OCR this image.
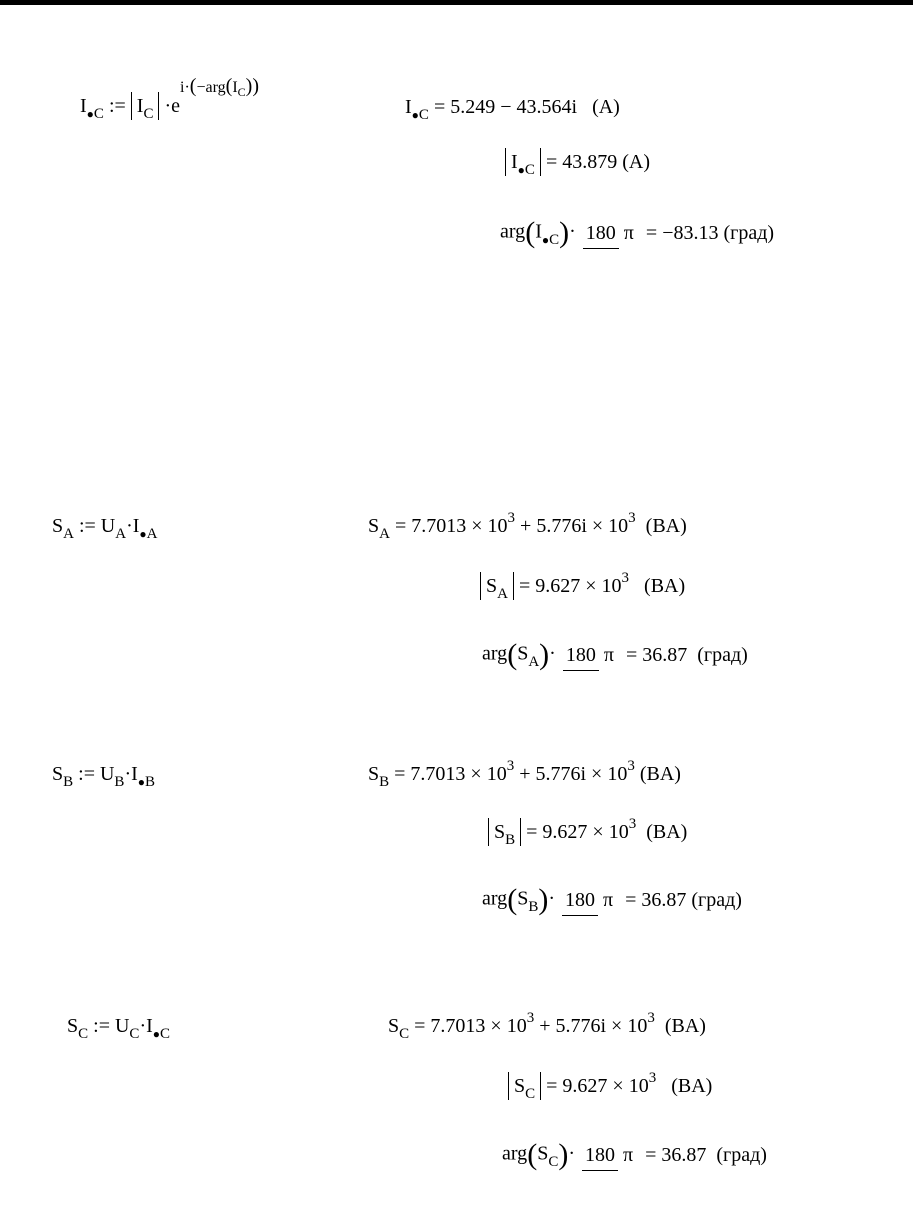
$I_{●C}$ := $I_C \cdot e^{i\cdot(-arg(I_C))}$
$I_{●C} = 5.249 - 43.564i$ (A)
$I_{●C} = 43.879$ (A)
$arg(I_{●C})\cdot 180$ π  = −83.13 (град)
$S_A$ := $U_A\cdot I_{●A}$	$S_A = 7.7013 \times 10^3 + 5.776i \times 10^3$ (BA)
$S_A = 9.627 \times 10^3$ (BA)
$arg(S_A)\cdot 180$ π  = 36.87 (град)
$S_B$ := $U_B\cdot I_{●B}$	$S_B = 7.7013 \times 10^3 + 5.776i \times 10^3$ (BA)
$S_B = 9.627 \times 10^3$ (BA)
$arg(S_B)\cdot 180$ π  = 36.87 (град)
$S_C$ := $U_C\cdot I_{●C}$	$S_C = 7.7013 \times 10^3 + 5.776i \times 10^3$ (BA)
$S_C = 9.627 \times 10^3$ (BA)
$arg(S_C)\cdot 180$ π  = 36.87 (град)
